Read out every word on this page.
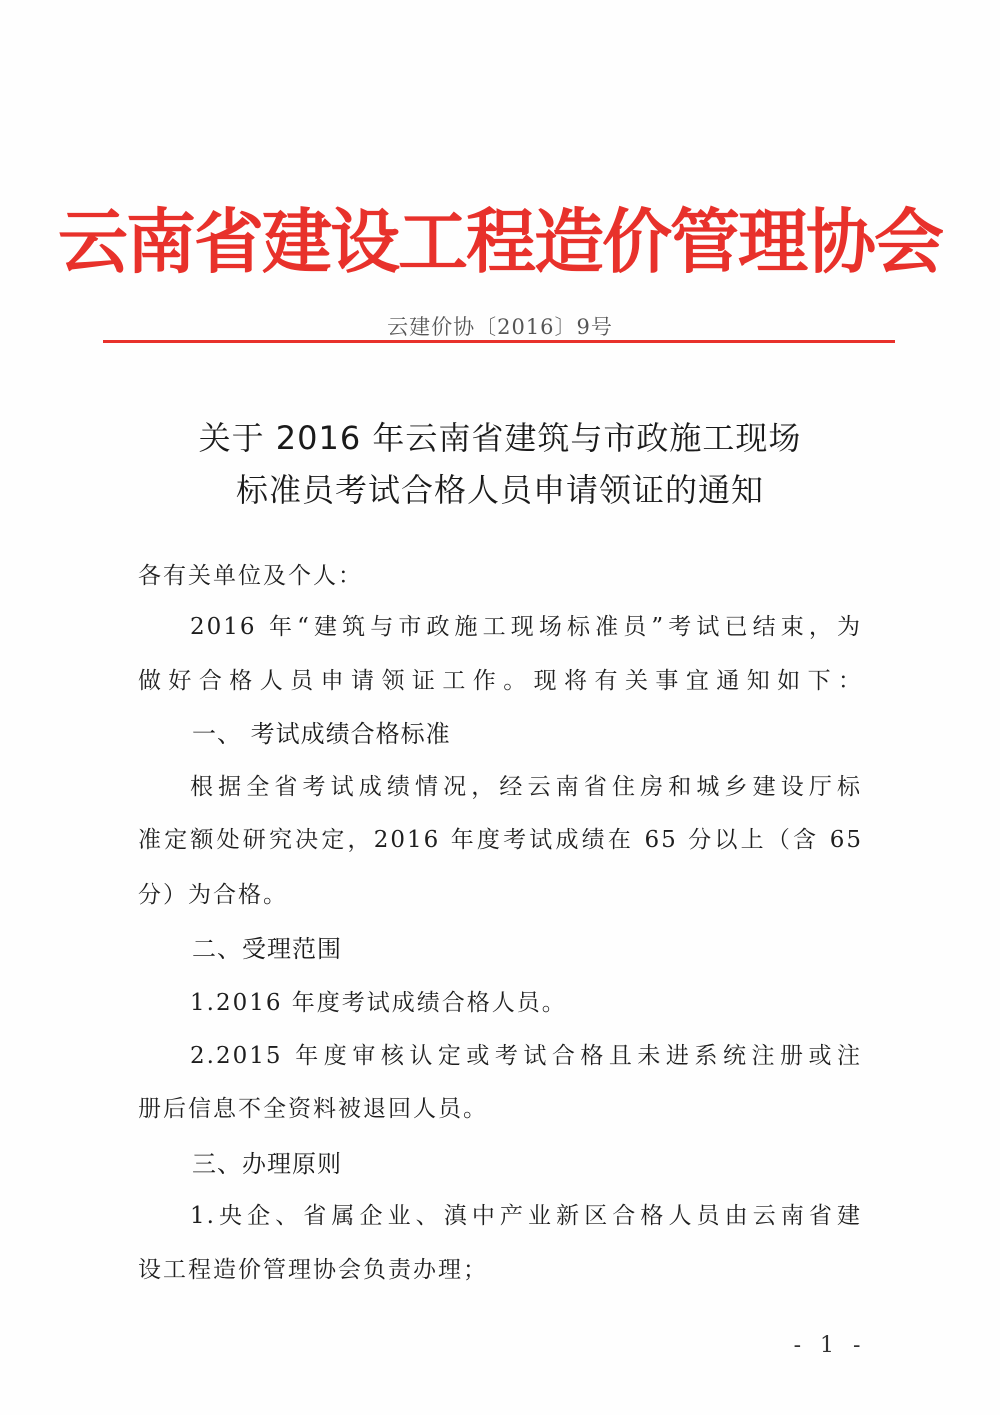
云南省建设工程造价管理协会
云建价协〔2016〕9号
关于 2016 年云南省建筑与市政施工现场
标准员考试合格人员申请领证的通知
各有关单位及个人：
2016 年“建筑与市政施工现场标准员”考试已结束，为
做好合格人员申请领证工作。现将有关事宜通知如下：
一、 考试成绩合格标准
根据全省考试成绩情况，经云南省住房和城乡建设厅标
准定额处研究决定，2016 年度考试成绩在 65 分以上（含 65
分）为合格。
二、受理范围
1.2016 年度考试成绩合格人员。
2.2015 年度审核认定或考试合格且未进系统注册或注
册后信息不全资料被退回人员。
三、办理原则
1.央企、省属企业、滇中产业新区合格人员由云南省建
设工程造价管理协会负责办理；
- 1 -
